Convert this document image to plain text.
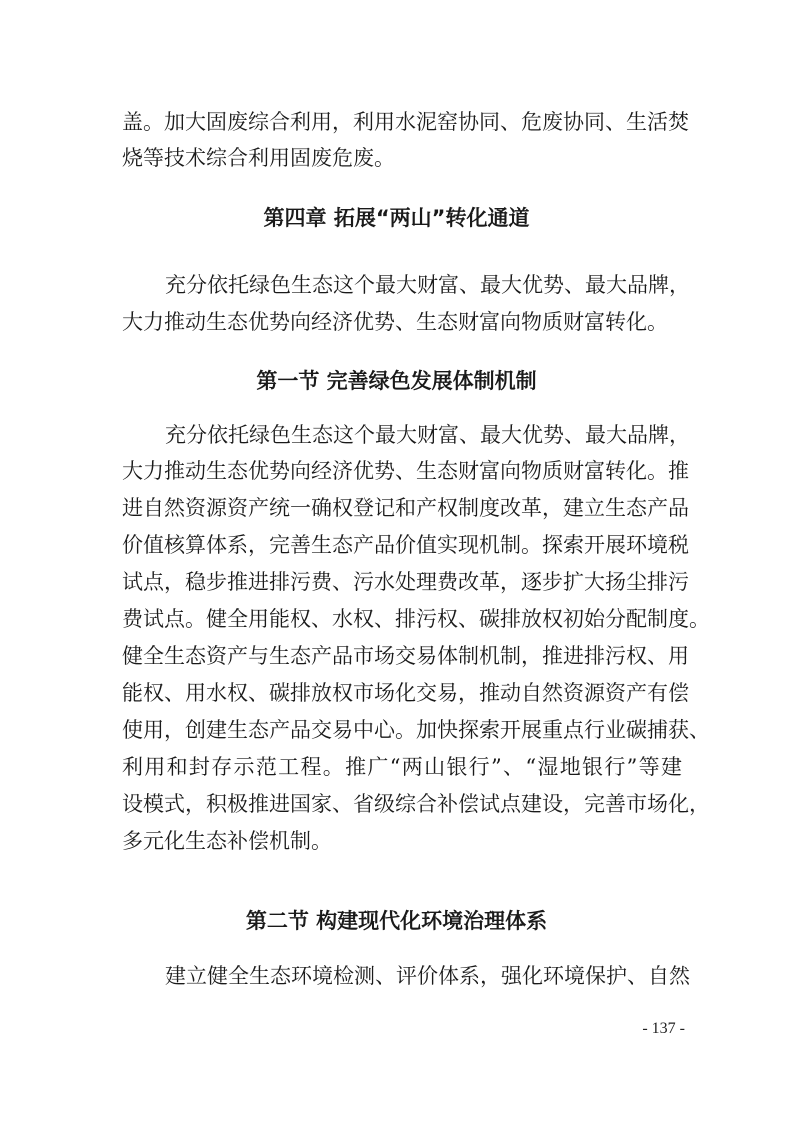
盖。加大固废综合利用，利用水泥窑协同、危废协同、生活焚
烧等技术综合利用固废危废。
第四章 拓展“两山”转化通道
充分依托绿色生态这个最大财富、最大优势、最大品牌，
大力推动生态优势向经济优势、生态财富向物质财富转化。
第一节 完善绿色发展体制机制
充分依托绿色生态这个最大财富、最大优势、最大品牌，
大力推动生态优势向经济优势、生态财富向物质财富转化。推
进自然资源资产统一确权登记和产权制度改革，建立生态产品
价值核算体系，完善生态产品价值实现机制。探索开展环境税
试点，稳步推进排污费、污水处理费改革，逐步扩大扬尘排污
费试点。健全用能权、水权、排污权、碳排放权初始分配制度。
健全生态资产与生态产品市场交易体制机制，推进排污权、用
能权、用水权、碳排放权市场化交易，推动自然资源资产有偿
使用，创建生态产品交易中心。加快探索开展重点行业碳捕获、
利用和封存示范工程。推广“两山银行”、“湿地银行”等建
设模式，积极推进国家、省级综合补偿试点建设，完善市场化，
多元化生态补偿机制。
第二节 构建现代化环境治理体系
建立健全生态环境检测、评价体系，强化环境保护、自然
- 137 -
